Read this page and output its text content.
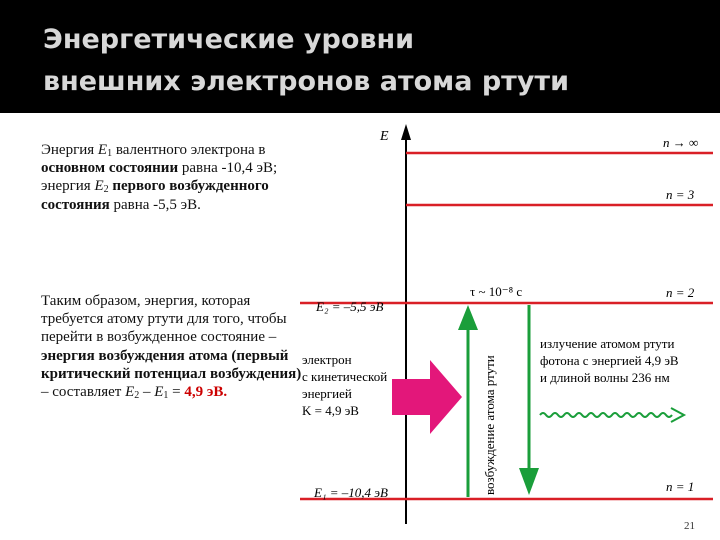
Энергетические уровни
внешних электронов атома ртути
Энергия $E_1$ валентного электрона в основном состоянии равна -10,4 эВ; энергия $E_2$ первого возбужденного состояния равна -5,5 эВ.
Таким образом, энергия, которая требуется атому ртути для того, чтобы перейти в возбужденное состояние – энергия возбуждения атома (первый критический потенциал возбуждения) – составляет $E_2 - E_1 = 4,9$ эВ.
E	n → ∞
n = 3
n = 2
n = 1
E₂ = –5,5 эВ
E₁ = –10,4 эВ
τ ~ 10⁻⁸ с
возбуждение атома ртути
электрон
с кинетической
энергией
K = 4,9 эВ
излучение атомом ртути
фотона с энергией 4,9 эВ
и длиной волны 236 нм
21
